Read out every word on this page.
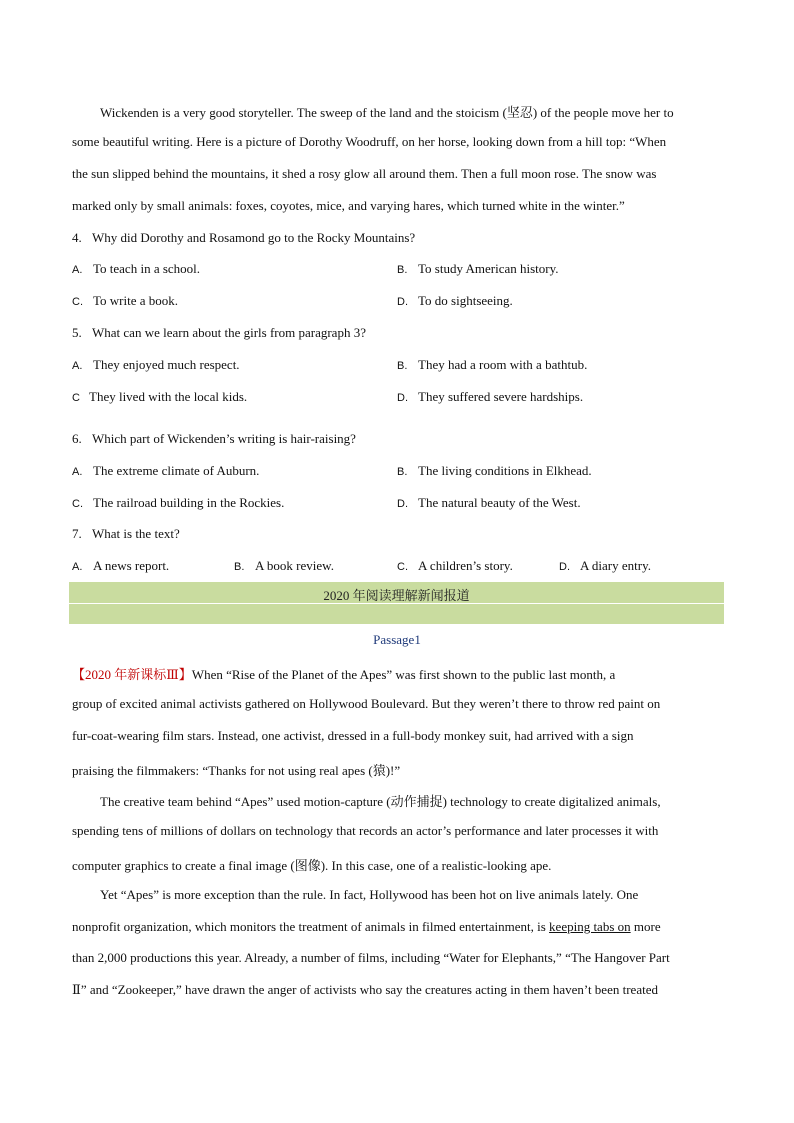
Wickenden is a very good storyteller. The sweep of the land and the stoicism (坚忍) of the people move her to
some beautiful writing. Here is a picture of Dorothy Woodruff, on her horse, looking down from a hill top: “When
the sun slipped behind the mountains, it shed a rosy glow all around them. Then a full moon rose. The snow was
marked only by small animals: foxes, coyotes, mice, and varying hares, which turned white in the winter.”
4. Why did Dorothy and Rosamond go to the Rocky Mountains?
A. To teach in a school.	B. To study American history.
C. To write a book.	D. To do sightseeing.
5. What can we learn about the girls from paragraph 3?
A. They enjoyed much respect.	B. They had a room with a bathtub.
C They lived with the local kids.	D. They suffered severe hardships.
6. Which part of Wickenden’s writing is hair-raising?
A. The extreme climate of Auburn.	B. The living conditions in Elkhead.
C. The railroad building in the Rockies.	D. The natural beauty of the West.
7. What is the text?
A. A news report.	B. A book review.	C. A children’s story.	D. A diary entry.
2020 年阅读理解新闻报道
Passage1
【2020 年新课标Ⅲ】When “Rise of the Planet of the Apes” was first shown to the public last month, a
group of excited animal activists gathered on Hollywood Boulevard. But they weren’t there to throw red paint on
fur-coat-wearing film stars. Instead, one activist, dressed in a full-body monkey suit, had arrived with a sign
praising the filmmakers: “Thanks for not using real apes (猿)!”
The creative team behind “Apes” used motion-capture (动作捕捉) technology to create digitalized animals,
spending tens of millions of dollars on technology that records an actor’s performance and later processes it with
computer graphics to create a final image (图像). In this case, one of a realistic-looking ape.
Yet “Apes” is more exception than the rule. In fact, Hollywood has been hot on live animals lately. One
nonprofit organization, which monitors the treatment of animals in filmed entertainment, is keeping tabs on more
than 2,000 productions this year. Already, a number of films, including “Water for Elephants,” “The Hangover Part
Ⅱ” and “Zookeeper,” have drawn the anger of activists who say the creatures acting in them haven’t been treated
